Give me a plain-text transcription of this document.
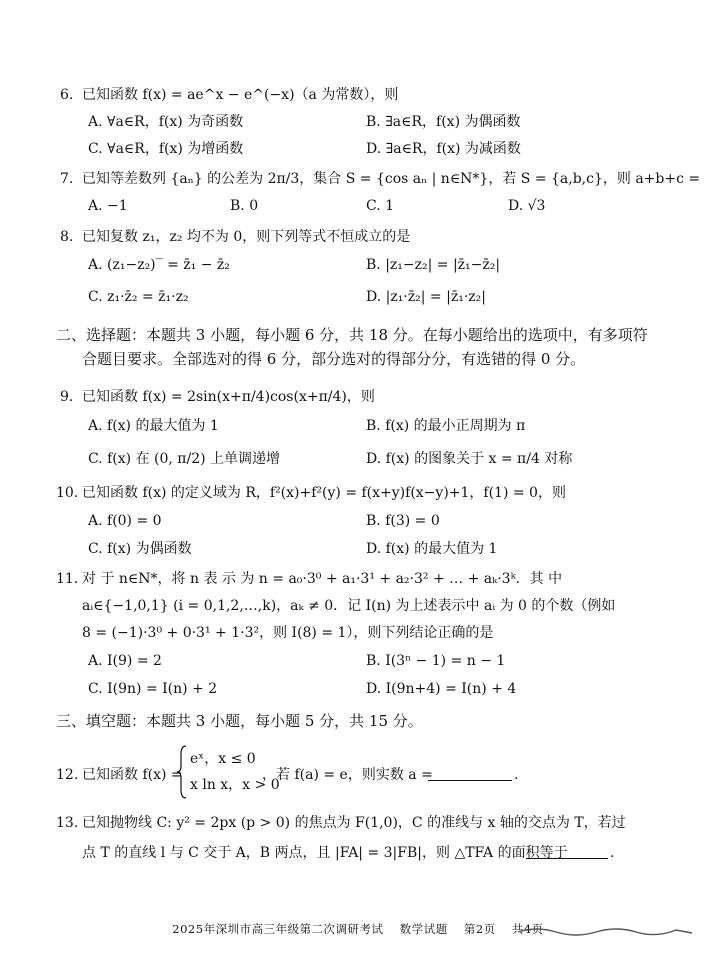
6. 已知函数 f(x) = ae^x − e^(−x)（a 为常数），则
A. ∀a∈R，f(x) 为奇函数	B. ∃a∈R，f(x) 为偶函数
C. ∀a∈R，f(x) 为增函数	D. ∃a∈R，f(x) 为减函数
7. 已知等差数列 {aₙ} 的公差为 2π/3，集合 S = {cos aₙ | n∈N*}，若 S = {a,b,c}，则 a+b+c =
A. −1	B. 0	C. 1	D. √3
8. 已知复数 z₁，z₂ 均不为 0，则下列等式不恒成立的是
A. (z₁−z₂)‾ = z̄₁ − z̄₂	B. |z₁−z₂| = |z̄₁−z̄₂|
C. z₁·z̄₂ = z̄₁·z₂	D. |z₁·z̄₂| = |z̄₁·z₂|
二、选择题：本题共 3 小题，每小题 6 分，共 18 分。在每小题给出的选项中，有多项符
合题目要求。全部选对的得 6 分，部分选对的得部分分，有选错的得 0 分。
9. 已知函数 f(x) = 2sin(x+π/4)cos(x+π/4)，则
A. f(x) 的最大值为 1	B. f(x) 的最小正周期为 π
C. f(x) 在 (0, π/2) 上单调递增	D. f(x) 的图象关于 x = π/4 对称
10. 已知函数 f(x) 的定义域为 R，f²(x)+f²(y) = f(x+y)f(x−y)+1，f(1) = 0，则
A. f(0) = 0	B. f(3) = 0
C. f(x) 为偶函数	D. f(x) 的最大值为 1
11. 对 于 n∈N*，将 n 表 示 为 n = a₀·3⁰ + a₁·3¹ + a₂·3² + … + aₖ·3ᵏ．其 中
aᵢ∈{−1,0,1} (i = 0,1,2,…,k)，aₖ ≠ 0．记 I(n) 为上述表示中 aᵢ 为 0 的个数（例如
8 = (−1)·3⁰ + 0·3¹ + 1·3²，则 I(8) = 1），则下列结论正确的是
A. I(9) = 2	B. I(3ⁿ − 1) = n − 1
C. I(9n) = I(n) + 2	D. I(9n+4) = I(n) + 4
三、填空题：本题共 3 小题，每小题 5 分，共 15 分。
12. 已知函数 f(x) =
eˣ，x ≤ 0
x ln x，x > 0
，若 f(a) = e，则实数 a =	.
13. 已知抛物线 C: y² = 2px (p > 0) 的焦点为 F(1,0)，C 的准线与 x 轴的交点为 T，若过
点 T 的直线 l 与 C 交于 A，B 两点，且 |FA| = 3|FB|，则 △TFA 的面积等于	.
2025年深圳市高三年级第二次调研考试 数学试题 第2页 共4页
